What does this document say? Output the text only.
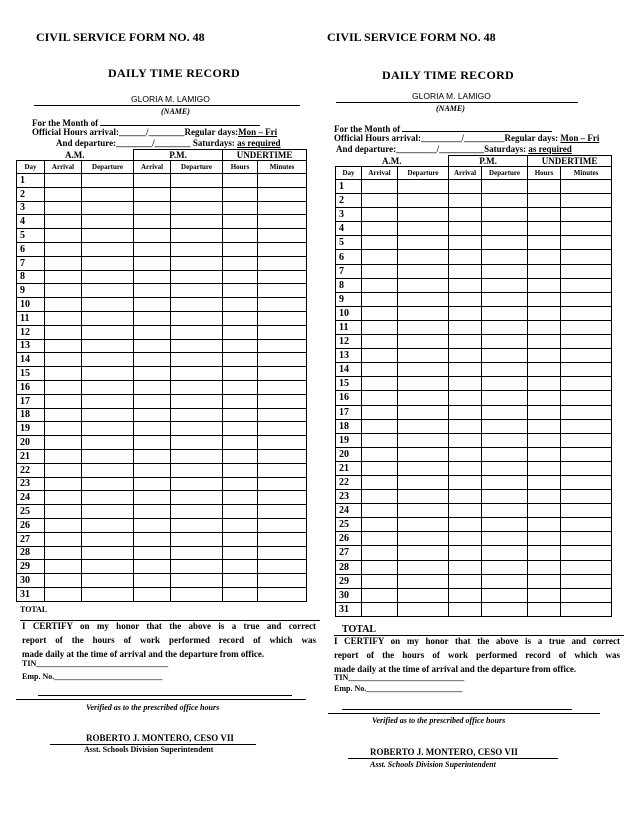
CIVIL SERVICE FORM NO. 48
DAILY TIME RECORD
GLORIA M. LAMIGO
(NAME)
For the Month of
Official Hours arrival:______/________Regular days:Mon – Fri
And departure:________/________ Saturdays: as required
A.M.			P.M.		UNDERTIME	
Day	Arrival	Departure	Arrival	Departure	Hours	Minutes
1						
2						
3						
4						
5						
6						
7						
8						
9						
10						
11						
12						
13						
14						
15						
16						
17						
18						
19						
20						
21						
22						
23						
24						
25						
26						
27						
28						
29						
30						
31						
TOTAL
I CERTIFY on my honor that the above is a true and correct
report of the hours of work performed record of which was
made daily at the time of arrival and the departure from office.
TIN_________________________________
Emp. No.___________________________
Verified as to the prescribed office hours
ROBERTO J. MONTERO, CESO VII
Asst. Schools Division Superintendent
CIVIL SERVICE FORM NO. 48
DAILY TIME RECORD
GLORIA M. LAMIGO
(NAME)
For the Month of
Official Hours arrival:_________/_________Regular days: Mon – Fri
And departure:_________/__________Saturdays: as required
A.M.			P.M.		UNDERTIME	
Day	Arrival	Departure	Arrival	Departure	Hours	Minutes
1						
2						
3						
4						
5						
6						
7						
8						
9						
10						
11						
12						
13						
14						
15						
16						
17						
18						
19						
20						
21						
22						
23						
24						
25						
26						
27						
28						
29						
30						
31						
TOTAL
I CERTIFY on my honor that the above is a true and correct
report of the hours of work performed record of which was
made daily at the time of arrival and the departure from office.
TIN_____________________________
Emp. No.________________________
Verified as to the prescribed office hours
ROBERTO J. MONTERO, CESO VII
Asst. Schools Division Superintendent
